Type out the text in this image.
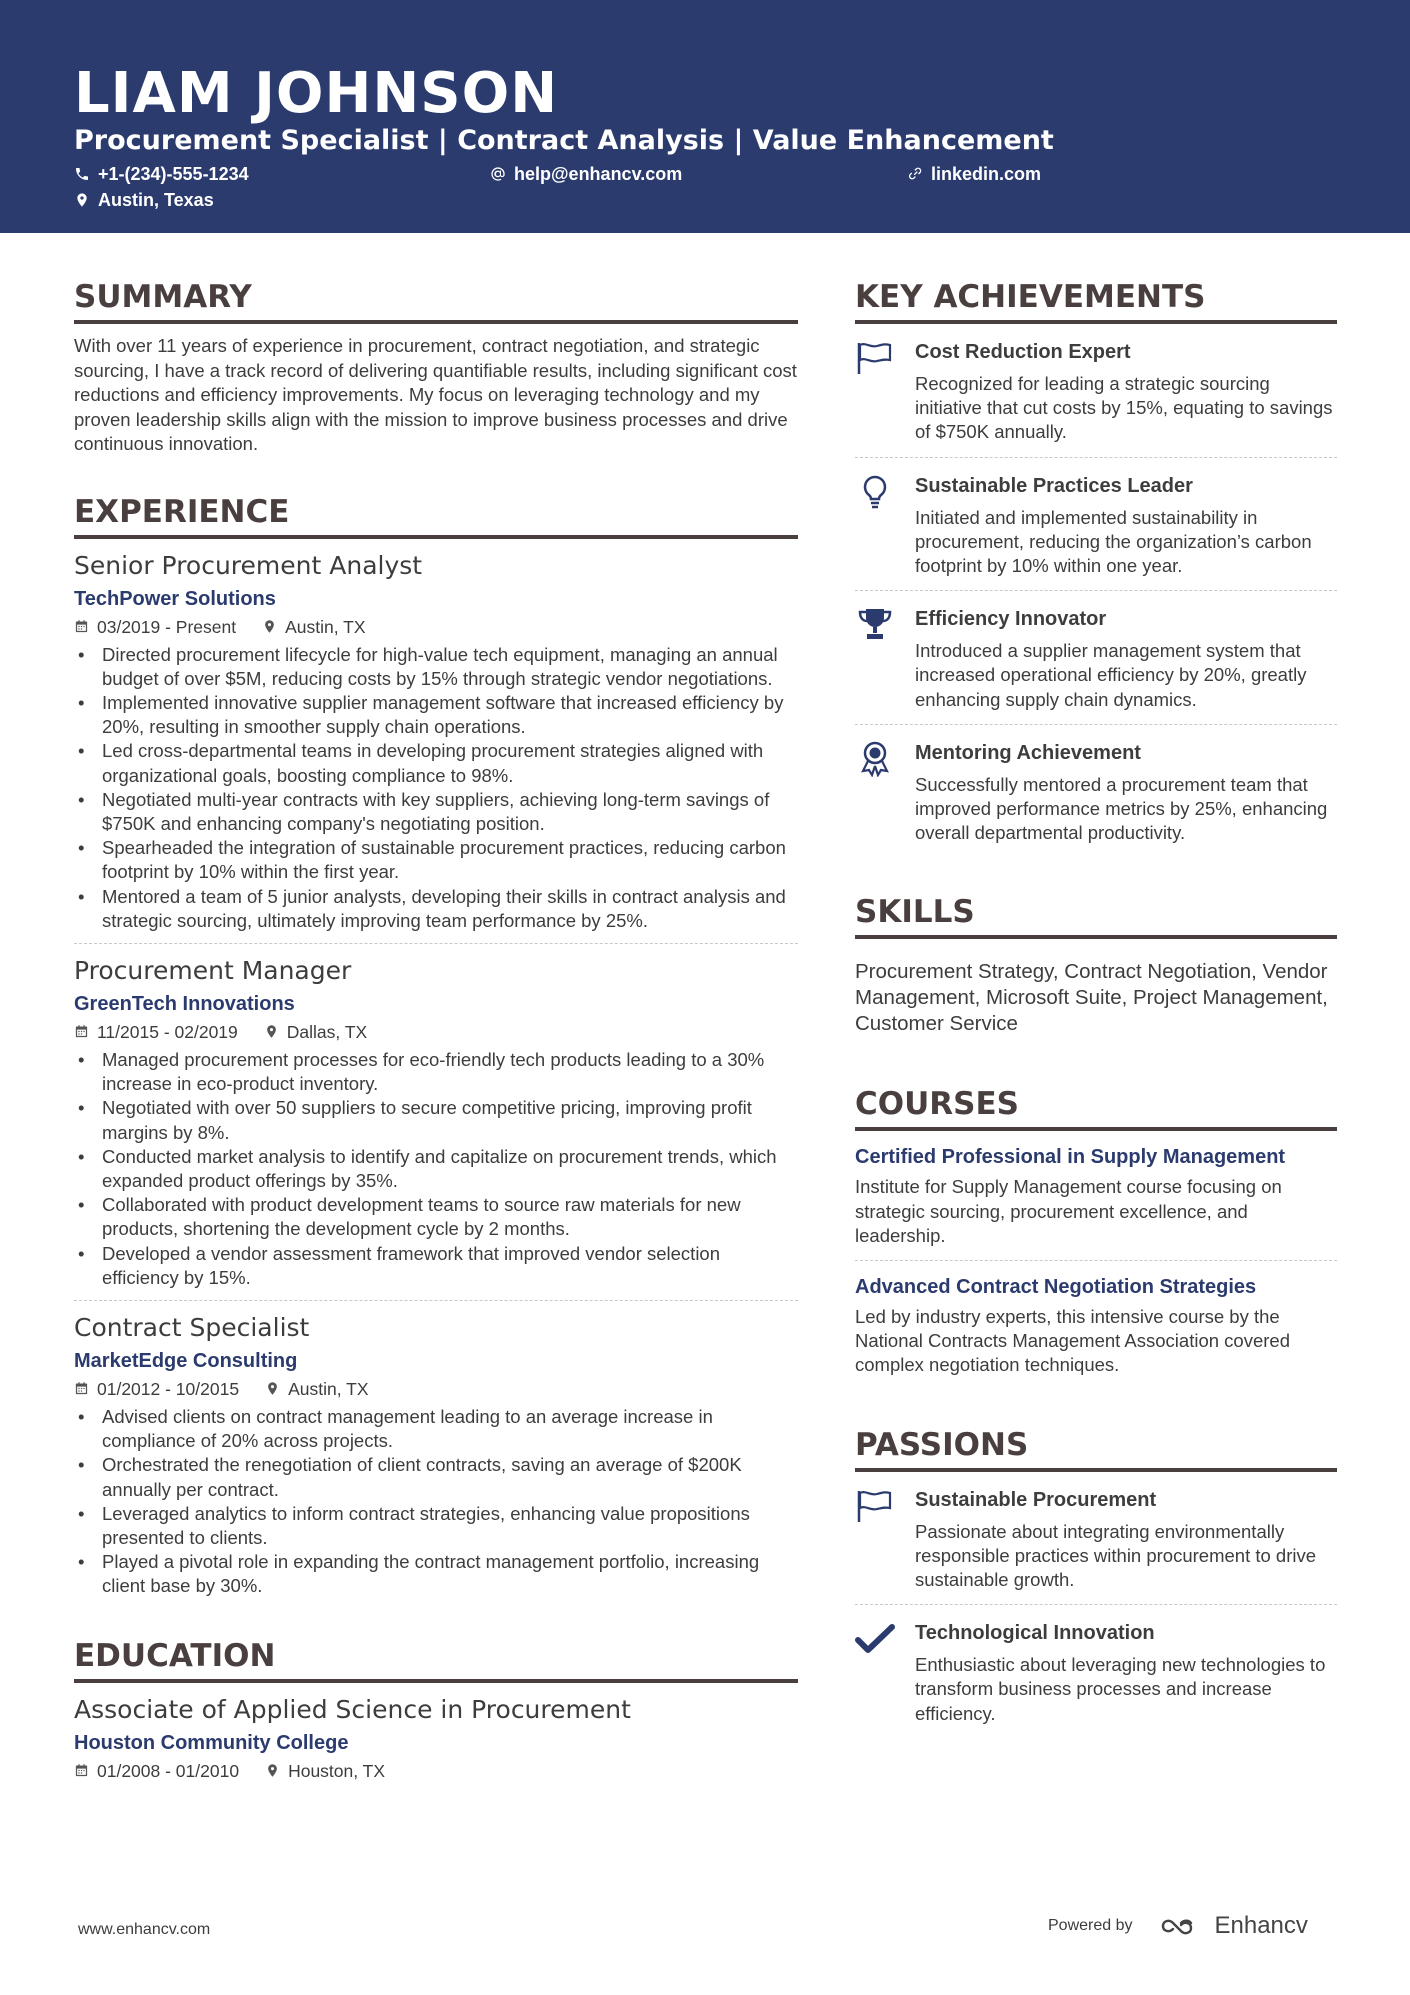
LIAM JOHNSON
Procurement Specialist | Contract Analysis | Value Enhancement
+1-(234)-555-1234	help@enhancv.com	linkedin.com
Austin, Texas
SUMMARY
With over 11 years of experience in procurement, contract negotiation, and strategic sourcing, I have a track record of delivering quantifiable results, including significant cost reductions and efficiency improvements. My focus on leveraging technology and my proven leadership skills align with the mission to improve business processes and drive continuous innovation.
EXPERIENCE
Senior Procurement Analyst
TechPower Solutions
03/2019 - Present	Austin, TX
• Directed procurement lifecycle for high-value tech equipment, managing an annual budget of over $5M, reducing costs by 15% through strategic vendor negotiations.
• Implemented innovative supplier management software that increased efficiency by 20%, resulting in smoother supply chain operations.
• Led cross-departmental teams in developing procurement strategies aligned with organizational goals, boosting compliance to 98%.
• Negotiated multi-year contracts with key suppliers, achieving long-term savings of $750K and enhancing company's negotiating position.
• Spearheaded the integration of sustainable procurement practices, reducing carbon footprint by 10% within the first year.
• Mentored a team of 5 junior analysts, developing their skills in contract analysis and strategic sourcing, ultimately improving team performance by 25%.
Procurement Manager
GreenTech Innovations
11/2015 - 02/2019	Dallas, TX
• Managed procurement processes for eco-friendly tech products leading to a 30% increase in eco-product inventory.
• Negotiated with over 50 suppliers to secure competitive pricing, improving profit margins by 8%.
• Conducted market analysis to identify and capitalize on procurement trends, which expanded product offerings by 35%.
• Collaborated with product development teams to source raw materials for new products, shortening the development cycle by 2 months.
• Developed a vendor assessment framework that improved vendor selection efficiency by 15%.
Contract Specialist
MarketEdge Consulting
01/2012 - 10/2015	Austin, TX
• Advised clients on contract management leading to an average increase in compliance of 20% across projects.
• Orchestrated the renegotiation of client contracts, saving an average of $200K annually per contract.
• Leveraged analytics to inform contract strategies, enhancing value propositions presented to clients.
• Played a pivotal role in expanding the contract management portfolio, increasing client base by 30%.
EDUCATION
Associate of Applied Science in Procurement
Houston Community College
01/2008 - 01/2010	Houston, TX
KEY ACHIEVEMENTS
Cost Reduction Expert
Recognized for leading a strategic sourcing initiative that cut costs by 15%, equating to savings of $750K annually.
Sustainable Practices Leader
Initiated and implemented sustainability in procurement, reducing the organization’s carbon footprint by 10% within one year.
Efficiency Innovator
Introduced a supplier management system that increased operational efficiency by 20%, greatly enhancing supply chain dynamics.
Mentoring Achievement
Successfully mentored a procurement team that improved performance metrics by 25%, enhancing overall departmental productivity.
SKILLS
Procurement Strategy, Contract Negotiation, Vendor Management, Microsoft Suite, Project Management, Customer Service
COURSES
Certified Professional in Supply Management
Institute for Supply Management course focusing on strategic sourcing, procurement excellence, and leadership.
Advanced Contract Negotiation Strategies
Led by industry experts, this intensive course by the National Contracts Management Association covered complex negotiation techniques.
PASSIONS
Sustainable Procurement
Passionate about integrating environmentally responsible practices within procurement to drive sustainable growth.
Technological Innovation
Enthusiastic about leveraging new technologies to transform business processes and increase efficiency.
www.enhancv.com	Powered by	Enhancv
